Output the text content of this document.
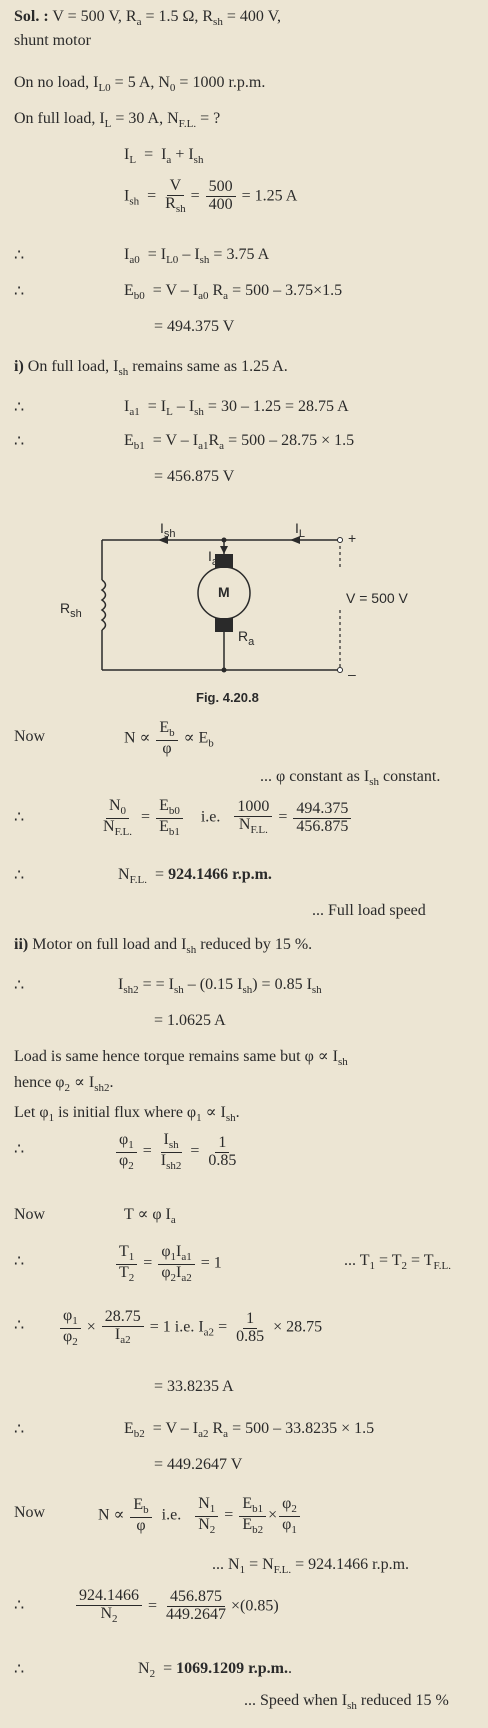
Sol. : V = 500 V, $R_a = 1.5$ Ω, $R_{sh} = 400$ V,
shunt motor
On no load, $I_{L0} = 5$ A, $N_0 = 1000$ r.p.m.
On full load, $I_L = 30$ A, $N_{F.L.}$ = ?
$I_L = I_a + I_{sh}$
$I_{sh}$  =
V
$R_{sh}$
= $\frac{500}{400} = 1.25$ A
∴	$I_{a0} = I_{L0} - I_{sh} = 3.75$ A
∴	$E_{b0} = V - I_{a0}$ $R_a = 500 - 3.75\times 1.5$
= 494.375 V
i) On full load, $I_{sh}$ remains same as 1.25 A.
∴	$I_{a1} = I_L - I_{sh} = 30 - 1.25 = 28.75$ A
∴	$E_{b1} = V - I_{a1}R_a = 500 - 28.75 \times 1.5$
= 456.875 V
$I_{sh}$	$I_L$
$I_a$
$R_{sh}$
M
$R_a$
V = 500 V
+
–
Fig. 4.20.8
Now	$N \propto \frac{E_b}{\varphi} \propto E_b$
... φ constant as $I_{sh}$ constant.
∴	$\frac{N_0}{N_{F.L.}} = \frac{E_{b0}}{E_{b1}} i.e$. $\frac{1000}{N_{F.L.}} = \frac{494.375}{456.875}$
∴	$N_{F.L.} = 924.1466$ r.p.m.
... Full load speed
ii) Motor on full load and $I_{sh}$ reduced by 15 %.
∴	$I_{sh2}$ = = $I_{sh} - (0.15$ $I_{sh}) = 0.85$ $I_{sh}$
= 1.0625 A
Load is same hence torque remains same but $\varphi \propto I_{sh}$
hence $\varphi_2 \propto I_{sh2}$.
Let $\varphi_1$ is initial flux where $\varphi_1 \propto I_{sh}$.
∴	$\frac{\varphi_1}{\varphi_2}$ =
$I_{sh}$
$I_{sh2}$
= $\frac{1}{0.85}$
Now	T ∝ φ $I_a$
∴	$\frac{T_1}{T_2} = \frac{\varphi_1I_{a1}}{\varphi_2I_{a2}} = 1$	... $T_1 = T_2 = T_{F.L.}$
∴ $\frac{\varphi_1}{\varphi_2} \times \frac{28.75}{I_{a2}} = 1$ i.e. $I_{a2} = \frac{1}{0.85} \times 28.75$
= 33.8235 A
∴	$E_{b2} = V - I_{a2}$ $R_a = 500 - 33.8235 \times 1.5$
= 449.2647 V
Now	$N \propto \frac{E_b}{\varphi} i.e$. $\frac{N_1}{N_2} = \frac{E_{b1}}{E_{b2}} \times \frac{\varphi_2}{\varphi_1}$
... $N_1 = N_{F.L.} = 924.1466$ r.p.m.
∴	$\frac{924.1466}{N_2} = \frac{456.875}{449.2647} \times(0.85)$
∴	$N_2 = 1069.1209$ r.p.m..
... Speed when $I_{sh}$ reduced 15 %
